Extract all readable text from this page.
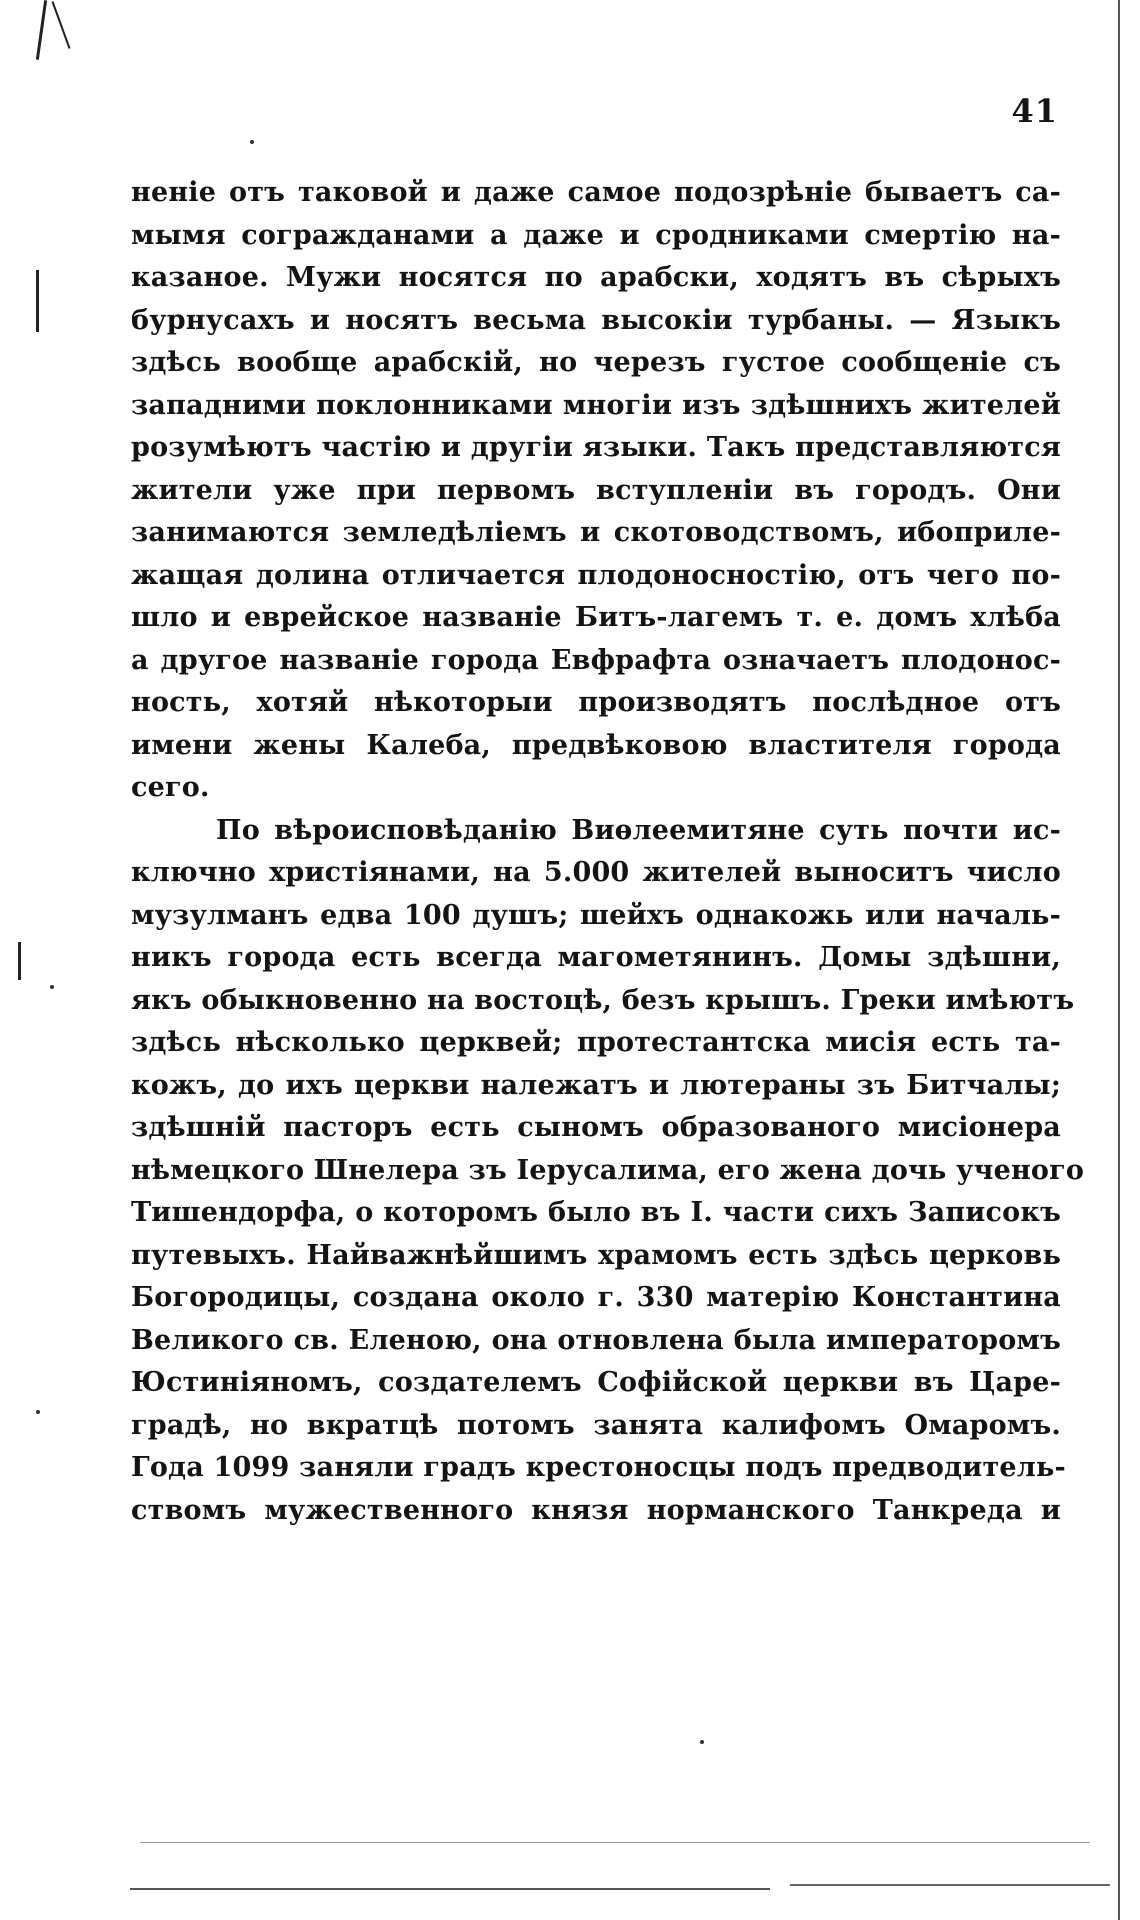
41
неніе отъ таковой и даже самое подозрѣніе бываетъ са-
мымя согражданами а даже и сродниками смертію на-
казаное. Мужи носятся по арабски, ходятъ въ сѣрыхъ
бурнусахъ и носятъ весьма высокіи турбаны. — Языкъ
здѣсь вообще арабскій, но черезъ густое сообщеніе съ
западними поклонниками многіи изъ здѣшнихъ жителей
розумѣютъ частію и другіи языки. Такъ представляются
жители уже при первомъ вступленіи въ городъ. Они
занимаются земледѣліемъ и скотоводствомъ, ибоприле-
жащая долина отличается плодоносностію, отъ чего по-
шло и еврейское названіе Битъ-лагемъ т. е. домъ хлѣба
а другое названіе города Евфрафта означаетъ плодонос-
ность, хотяй нѣкоторыи производятъ послѣдное отъ
имени жены Калеба, предвѣковою властителя города
сего.
По вѣроисповѣданію Виѳлеемитяне суть почти ис-
ключно христіянами, на 5.000 жителей выноситъ число
музулманъ едва 100 душъ; шейхъ однакожь или началь-
никъ города есть всегда магометянинъ. Домы здѣшни,
якъ обыкновенно на востоцѣ, безъ крышъ. Греки имѣютъ
здѣсь нѣсколько церквей; протестантска мисія есть та-
кожъ, до ихъ церкви належатъ и лютераны зъ Битчалы;
здѣшній пасторъ есть сыномъ образованого мисіонера
нѣмецкого Шнелера зъ Іерусалима, его жена дочь ученого
Тишендорфа, о которомъ было въ І. части сихъ Записокъ
путевыхъ. Найважнѣйшимъ храмомъ есть здѣсь церковь
Богородицы, создана около г. 330 матерію Константина
Великого св. Еленою, она отновлена была императоромъ
Юстиніяномъ, создателемъ Софійской церкви въ Царе-
градѣ, но вкратцѣ потомъ занята калифомъ Омаромъ.
Года 1099 заняли градъ крестоносцы подъ предводитель-
ствомъ мужественного князя норманского Танкреда и
